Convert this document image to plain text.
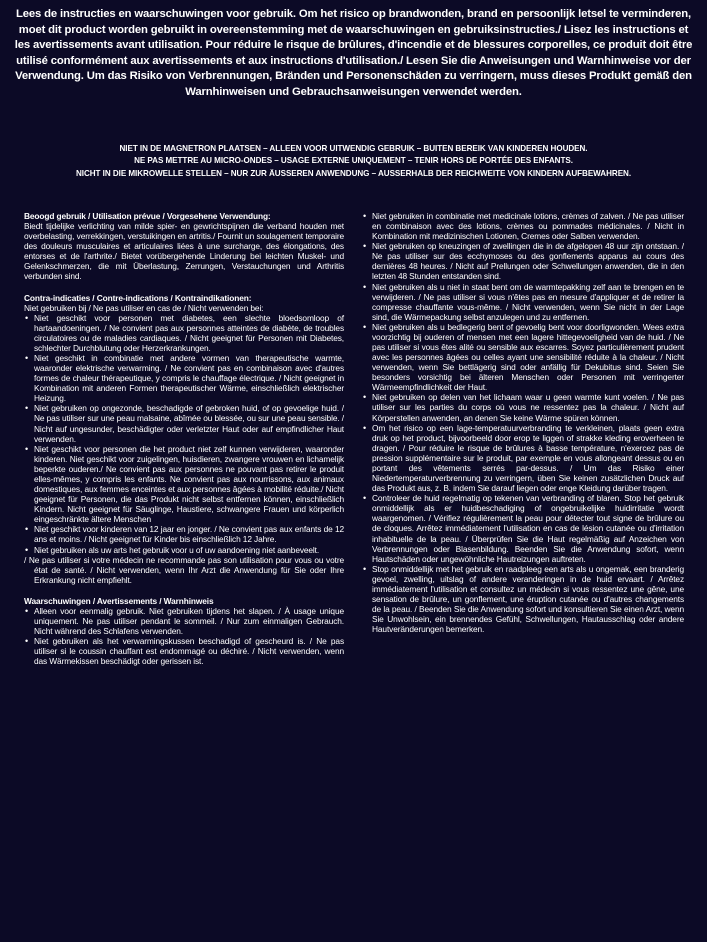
Lees de instructies en waarschuwingen voor gebruik. Om het risico op brandwonden, brand en persoonlijk letsel te verminderen, moet dit product worden gebruikt in overeenstemming met de waarschuwingen en gebruiksinstructies./ Lisez les instructions et les avertissements avant utilisation. Pour réduire le risque de brûlures, d'incendie et de blessures corporelles, ce produit doit être utilisé conformément aux avertissements et aux instructions d'utilisation./ Lesen Sie die Anweisungen und Warnhinweise vor der Verwendung. Um das Risiko von Verbrennungen, Bränden und Personenschäden zu verringern, muss dieses Produkt gemäß den Warnhinweisen und Gebrauchsanweisungen verwendet werden.

NIET IN DE MAGNETRON PLAATSEN – ALLEEN VOOR UITWENDIG GEBRUIK – BUITEN BEREIK VAN KINDEREN HOUDEN.
NE PAS METTRE AU MICRO-ONDES – USAGE EXTERNE UNIQUEMENT – TENIR HORS DE PORTÉE DES ENFANTS.
NICHT IN DIE MIKROWELLE STELLEN – NUR ZUR ÄUSSEREN ANWENDUNG – AUSSERHALB DER REICHWEITE VON KINDERN AUFBEWAHREN.

Beoogd gebruik / Utilisation prévue / Vorgesehene Verwendung:

Biedt tijdelijke verlichting van milde spier- en gewrichtspijnen die verband houden met overbelasting, verrekkingen, verstuikingen en artritis./ Fournit un soulagement temporaire des douleurs musculaires et articulaires liées à une surcharge, des élongations, des entorses et de l'arthrite./ Bietet vorübergehende Linderung bei leichten Muskel- und Gelenkschmerzen, die mit Überlastung, Zerrungen, Verstauchungen und Arthritis verbunden sind.

Contra-indicaties / Contre-indications / Kontraindikationen:

Niet gebruiken bij / Ne pas utiliser en cas de / Nicht verwenden bei:

• Niet geschikt voor personen met diabetes, een slechte bloedsomloop of hartaandoeningen. / Ne convient pas aux personnes atteintes de diabète, de troubles circulatoires ou de maladies cardiaques. / Nicht geeignet für Personen mit Diabetes, schlechter Durchblutung oder Herzerkrankungen.
• Niet geschikt in combinatie met andere vormen van therapeutische warmte, waaronder elektrische verwarming. / Ne convient pas en combinaison avec d'autres formes de chaleur thérapeutique, y compris le chauffage électrique. / Nicht geeignet in Kombination mit anderen Formen therapeutischer Wärme, einschließlich elektrischer Heizung.
• Niet gebruiken op ongezonde, beschadigde of gebroken huid, of op gevoelige huid. / Ne pas utiliser sur une peau malsaine, abîmée ou blessée, ou sur une peau sensible. / Nicht auf ungesunder, beschädigter oder verletzter Haut oder auf empfindlicher Haut verwenden.
• Niet geschikt voor personen die het product niet zelf kunnen verwijderen, waaronder kinderen. Niet geschikt voor zuigelingen, huisdieren, zwangere vrouwen en lichamelijk beperkte ouderen./ Ne convient pas aux personnes ne pouvant pas retirer le produit elles-mêmes, y compris les enfants. Ne convient pas aux nourrissons, aux animaux domestiques, aux femmes enceintes et aux personnes âgées à mobilité réduite./ Nicht geeignet für Personen, die das Produkt nicht selbst entfernen können, einschließlich Kindern. Nicht geeignet für Säuglinge, Haustiere, schwangere Frauen und körperlich eingeschränkte ältere Menschen
• Niet geschikt voor kinderen van 12 jaar en jonger. / Ne convient pas aux enfants de 12 ans et moins. / Nicht geeignet für Kinder bis einschließlich 12 Jahre.
• Niet gebruiken als uw arts het gebruik voor u of uw aandoening niet aanbeveelt.

/ Ne pas utiliser si votre médecin ne recommande pas son utilisation pour vous ou votre état de santé. / Nicht verwenden, wenn Ihr Arzt die Anwendung für Sie oder Ihre Erkrankung nicht empfiehlt.

Waarschuwingen / Avertissements / Warnhinweis

• Alleen voor eenmalig gebruik. Niet gebruiken tijdens het slapen. / À usage unique uniquement. Ne pas utiliser pendant le sommeil. / Nur zum einmaligen Gebrauch. Nicht während des Schlafens verwenden.
• Niet gebruiken als het verwarmingskussen beschadigd of gescheurd is. / Ne pas utiliser si le coussin chauffant est endommagé ou déchiré. / Nicht verwenden, wenn das Wärmekissen beschädigt oder gerissen ist.
• Niet gebruiken in combinatie met medicinale lotions, crèmes of zalven. / Ne pas utiliser en combinaison avec des lotions, crèmes ou pommades médicinales. / Nicht in Kombination mit medizinischen Lotionen, Cremes oder Salben verwenden.
• Niet gebruiken op kneuzingen of zwellingen die in de afgelopen 48 uur zijn ontstaan. / Ne pas utiliser sur des ecchymoses ou des gonflements apparus au cours des dernières 48 heures. / Nicht auf Prellungen oder Schwellungen anwenden, die in den letzten 48 Stunden entstanden sind.
• Niet gebruiken als u niet in staat bent om de warmtepakking zelf aan te brengen en te verwijderen. / Ne pas utiliser si vous n'êtes pas en mesure d'appliquer et de retirer la compresse chauffante vous-même. / Nicht verwenden, wenn Sie nicht in der Lage sind, die Wärmepackung selbst anzulegen und zu entfernen.
• Niet gebruiken als u bedlegerig bent of gevoelig bent voor doorligwonden. Wees extra voorzichtig bij ouderen of mensen met een lagere hittegevoeligheid van de huid. / Ne pas utiliser si vous êtes alité ou sensible aux escarres. Soyez particulièrement prudent avec les personnes âgées ou celles ayant une sensibilité réduite à la chaleur. / Nicht verwenden, wenn Sie bettlägerig sind oder anfällig für Dekubitus sind. Seien Sie besonders vorsichtig bei älteren Menschen oder Personen mit verringerter Wärmeempfindlichkeit der Haut.
• Niet gebruiken op delen van het lichaam waar u geen warmte kunt voelen. / Ne pas utiliser sur les parties du corps où vous ne ressentez pas la chaleur. / Nicht auf Körperstellen anwenden, an denen Sie keine Wärme spüren können.
• Om het risico op een lage-temperatuurverbranding te verkleinen, plaats geen extra druk op het product, bijvoorbeeld door erop te liggen of strakke kleding eroverheen te dragen. / Pour réduire le risque de brûlures à basse température, n'exercez pas de pression supplémentaire sur le produit, par exemple en vous allongeant dessus ou en portant des vêtements serrés par-dessus. / Um das Risiko einer Niedertemperaturverbrennung zu verringern, üben Sie keinen zusätzlichen Druck auf das Produkt aus, z. B. indem Sie darauf liegen oder enge Kleidung darüber tragen.
• Controleer de huid regelmatig op tekenen van verbranding of blaren. Stop het gebruik onmiddellijk als er huidbeschadiging of ongebruikelijke huidirritatie wordt waargenomen. / Vérifiez régulièrement la peau pour détecter tout signe de brûlure ou de cloques. Arrêtez immédiatement l'utilisation en cas de lésion cutanée ou d'irritation inhabituelle de la peau. / Überprüfen Sie die Haut regelmäßig auf Anzeichen von Verbrennungen oder Blasenbildung. Beenden Sie die Anwendung sofort, wenn Hautschäden oder ungewöhnliche Hautreizungen auftreten.
• Stop onmiddellijk met het gebruik en raadpleeg een arts als u ongemak, een branderig gevoel, zwelling, uitslag of andere veranderingen in de huid ervaart. / Arrêtez immédiatement l'utilisation et consultez un médecin si vous ressentez une gêne, une sensation de brûlure, un gonflement, une éruption cutanée ou d'autres changements de la peau. / Beenden Sie die Anwendung sofort und konsultieren Sie einen Arzt, wenn Sie Unwohlsein, ein brennendes Gefühl, Schwellungen, Hautausschlag oder andere Hautveränderungen bemerken.
